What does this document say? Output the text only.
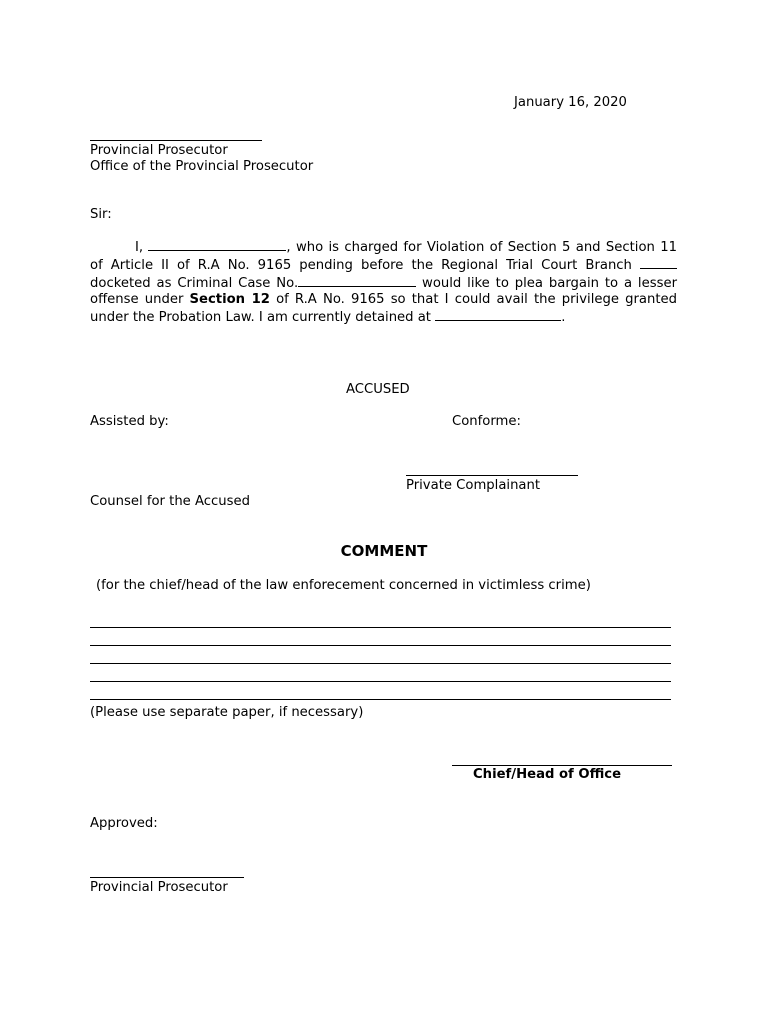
January 16, 2020
Provincial Prosecutor
Office of the Provincial Prosecutor
Sir:
I,	, who is charged for Violation of Section 5 and Section 11 of Article II of R.A No. 9165 pending before the Regional Trial Court Branch  docketed as Criminal Case No.	would like to plea bargain to a lesser offense under Section 12 of R.A No. 9165 so that I could avail the privilege granted under the Probation Law. I am currently detained at	.
ACCUSED
Assisted by:	Conforme:
Private Complainant
Counsel for the Accused
COMMENT
(for the chief/head of the law enforecement concerned in victimless crime)
(Please use separate paper, if necessary)
Chief/Head of Office
Approved:
Provincial Prosecutor
